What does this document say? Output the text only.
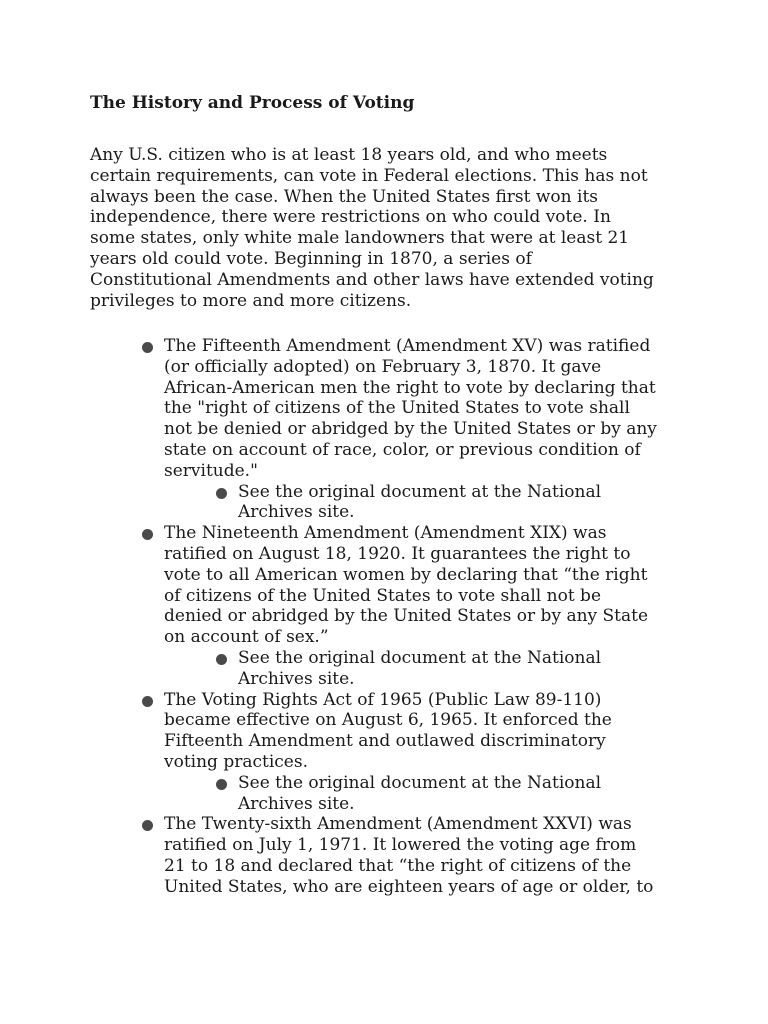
The History and Process of Voting

Any U.S. citizen who is at least 18 years old, and who meets
certain requirements, can vote in Federal elections. This has not
always been the case. When the United States first won its
independence, there were restrictions on who could vote. In
some states, only white male landowners that were at least 21
years old could vote. Beginning in 1870, a series of
Constitutional Amendments and other laws have extended voting
privileges to more and more citizens.

The Fifteenth Amendment (Amendment XV) was ratified
(or officially adopted) on February 3, 1870. It gave
African-American men the right to vote by declaring that
the "right of citizens of the United States to vote shall
not be denied or abridged by the United States or by any
state on account of race, color, or previous condition of
servitude."
See the original document at the National
Archives site.
The Nineteenth Amendment (Amendment XIX) was
ratified on August 18, 1920. It guarantees the right to
vote to all American women by declaring that “the right
of citizens of the United States to vote shall not be
denied or abridged by the United States or by any State
on account of sex.”
See the original document at the National
Archives site.
The Voting Rights Act of 1965 (Public Law 89-110)
became effective on August 6, 1965. It enforced the
Fifteenth Amendment and outlawed discriminatory
voting practices.
See the original document at the National
Archives site.
The Twenty-sixth Amendment (Amendment XXVI) was
ratified on July 1, 1971. It lowered the voting age from
21 to 18 and declared that “the right of citizens of the
United States, who are eighteen years of age or older, to
